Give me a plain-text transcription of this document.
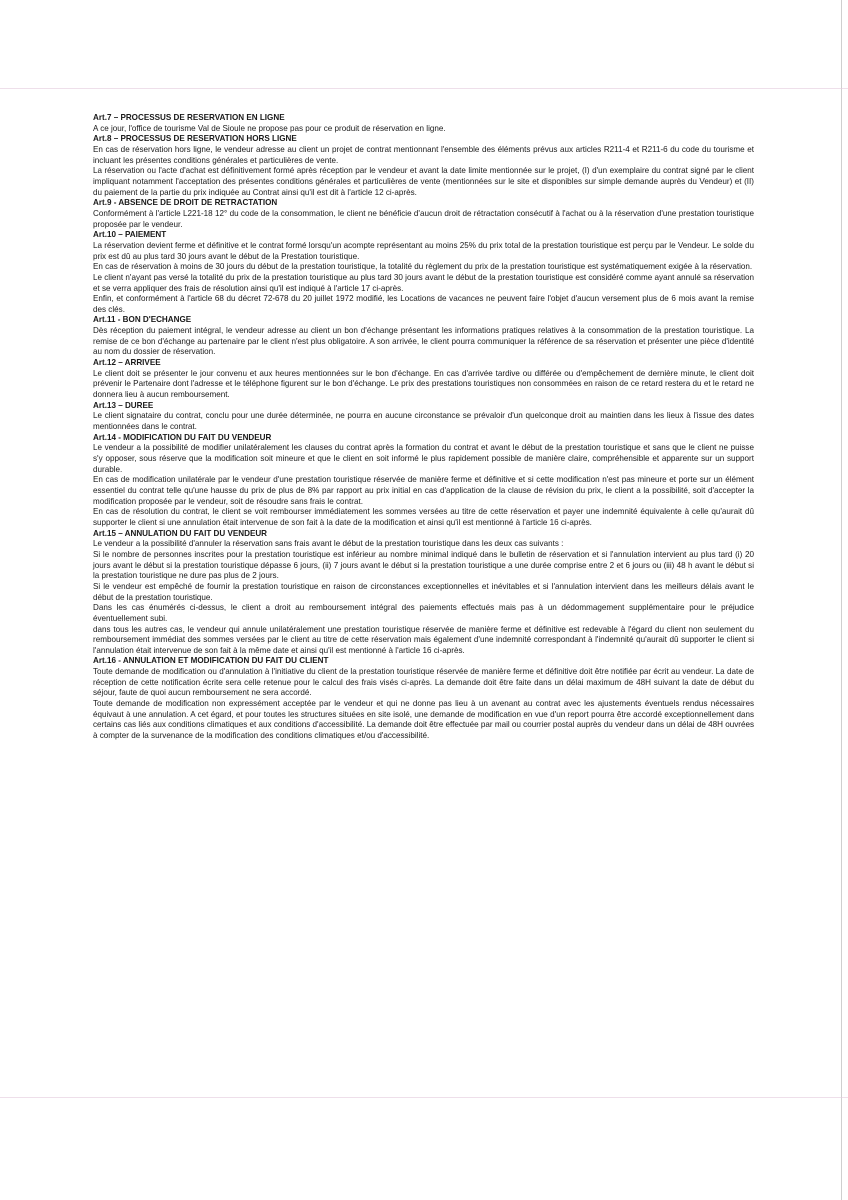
Art.7 – PROCESSUS DE RESERVATION EN LIGNE

A ce jour, l'office de tourisme Val de Sioule ne propose pas pour ce produit de réservation en ligne.

Art.8 – PROCESSUS DE RESERVATION HORS LIGNE

En cas de réservation hors ligne, le vendeur adresse au client un projet de contrat mentionnant l'ensemble des éléments prévus aux articles R211-4 et R211-6 du code du tourisme et incluant les présentes conditions générales et particulières de vente.

La réservation ou l'acte d'achat est définitivement formé après réception par le vendeur et avant la date limite mentionnée sur le projet, (I) d'un exemplaire du contrat signé par le client impliquant notamment l'acceptation des présentes conditions générales et particulières de vente (mentionnées sur le site et disponibles sur simple demande auprès du Vendeur) et (II) du paiement de la partie du prix indiquée au Contrat ainsi qu'il est dit à l'article 12 ci-après.

Art.9 - ABSENCE DE DROIT DE RETRACTATION

Conformément à l'article L221-18 12° du code de la consommation, le client ne bénéficie d'aucun droit de rétractation consécutif à l'achat ou à la réservation d'une prestation touristique proposée par le vendeur.

Art.10 – PAIEMENT

La réservation devient ferme et définitive et le contrat formé lorsqu'un acompte représentant au moins 25% du prix total de la prestation touristique est perçu par le Vendeur. Le solde du prix est dû au plus tard 30 jours avant le début de la Prestation touristique.

En cas de réservation à moins de 30 jours du début de la prestation touristique, la totalité du règlement du prix de la prestation touristique est systématiquement exigée à la réservation.

Le client n'ayant pas versé la totalité du prix de la prestation touristique au plus tard 30 jours avant le début de la prestation touristique est considéré comme ayant annulé sa réservation et se verra appliquer des frais de résolution ainsi qu'il est indiqué à l'article 17 ci-après.

Enfin, et conformément à l'article 68 du décret 72-678 du 20 juillet 1972 modifié, les Locations de vacances ne peuvent faire l'objet d'aucun versement plus de 6 mois avant la remise des clés.

Art.11 - BON D'ECHANGE

Dès réception du paiement intégral, le vendeur adresse au client un bon d'échange présentant les informations pratiques relatives à la consommation de la prestation touristique. La remise de ce bon d'échange au partenaire par le client n'est plus obligatoire. A son arrivée, le client pourra communiquer la référence de sa réservation et présenter une pièce d'identité au nom du dossier de réservation.

Art.12 – ARRIVEE

Le client doit se présenter le jour convenu et aux heures mentionnées sur le bon d'échange. En cas d'arrivée tardive ou différée ou d'empêchement de dernière minute, le client doit prévenir le Partenaire dont l'adresse et le téléphone figurent sur le bon d'échange. Le prix des prestations touristiques non consommées en raison de ce retard restera du et le retard ne donnera lieu à aucun remboursement.

Art.13 – DUREE

Le client signataire du contrat, conclu pour une durée déterminée, ne pourra en aucune circonstance se prévaloir d'un quelconque droit au maintien dans les lieux à l'issue des dates mentionnées dans le contrat.

Art.14 - MODIFICATION DU FAIT DU VENDEUR

Le vendeur a la possibilité de modifier unilatéralement les clauses du contrat après la formation du contrat et avant le début de la prestation touristique et sans que le client ne puisse s'y opposer, sous réserve que la modification soit mineure et que le client en soit informé le plus rapidement possible de manière claire, compréhensible et apparente sur un support durable.

En cas de modification unilatérale par le vendeur d'une prestation touristique réservée de manière ferme et définitive et si cette modification n'est pas mineure et porte sur un élément essentiel du contrat telle qu'une hausse du prix de plus de 8% par rapport au prix initial en cas d'application de la clause de révision du prix, le client a la possibilité, soit d'accepter la modification proposée par le vendeur, soit de résoudre sans frais le contrat.

En cas de résolution du contrat, le client se voit rembourser immédiatement les sommes versées au titre de cette réservation et payer une indemnité équivalente à celle qu'aurait dû supporter le client si une annulation était intervenue de son fait à la date de la modification et ainsi qu'il est mentionné à l'article 16 ci-après.

Art.15 – ANNULATION DU FAIT DU VENDEUR

Le vendeur a la possibilité d'annuler la réservation sans frais avant le début de la prestation touristique dans les deux cas suivants :

Si le nombre de personnes inscrites pour la prestation touristique est inférieur au nombre minimal indiqué dans le bulletin de réservation et si l'annulation intervient au plus tard (i) 20 jours avant le début si la prestation touristique dépasse 6 jours, (ii) 7 jours avant le début si la prestation touristique a une durée comprise entre 2 et 6 jours ou (iii) 48 h avant le début si la prestation touristique ne dure pas plus de 2 jours.

Si le vendeur est empêché de fournir la prestation touristique en raison de circonstances exceptionnelles et inévitables et si l'annulation intervient dans les meilleurs délais avant le début de la prestation touristique.

Dans les cas énumérés ci-dessus, le client a droit au remboursement intégral des paiements effectués mais pas à un dédommagement supplémentaire pour le préjudice éventuellement subi.

dans tous les autres cas, le vendeur qui annule unilatéralement une prestation touristique réservée de manière ferme et définitive est redevable à l'égard du client non seulement du remboursement immédiat des sommes versées par le client au titre de cette réservation mais également d'une indemnité correspondant à l'indemnité qu'aurait dû supporter le client si l'annulation était intervenue de son fait à la même date et ainsi qu'il est mentionné à l'article 16 ci-après.

Art.16 - ANNULATION ET MODIFICATION DU FAIT DU CLIENT

Toute demande de modification ou d'annulation à l'initiative du client de la prestation touristique réservée de manière ferme et définitive doit être notifiée par écrit au vendeur. La date de réception de cette notification écrite sera celle retenue pour le calcul des frais visés ci-après. La demande doit être faite dans un délai maximum de 48H suivant la date de début du séjour, faute de quoi aucun remboursement ne sera accordé.

Toute demande de modification non expressément acceptée par le vendeur et qui ne donne pas lieu à un avenant au contrat avec les ajustements éventuels rendus nécessaires équivaut à une annulation. A cet égard, et pour toutes les structures situées en site isolé, une demande de modification en vue d'un report pourra être accordé exceptionnellement dans certains cas liés aux conditions climatiques et aux conditions d'accessibilité. La demande doit être effectuée par mail ou courrier postal auprès du vendeur dans un délai de 48H ouvrées à compter de la survenance de la modification des conditions climatiques et/ou d'accessibilité.
